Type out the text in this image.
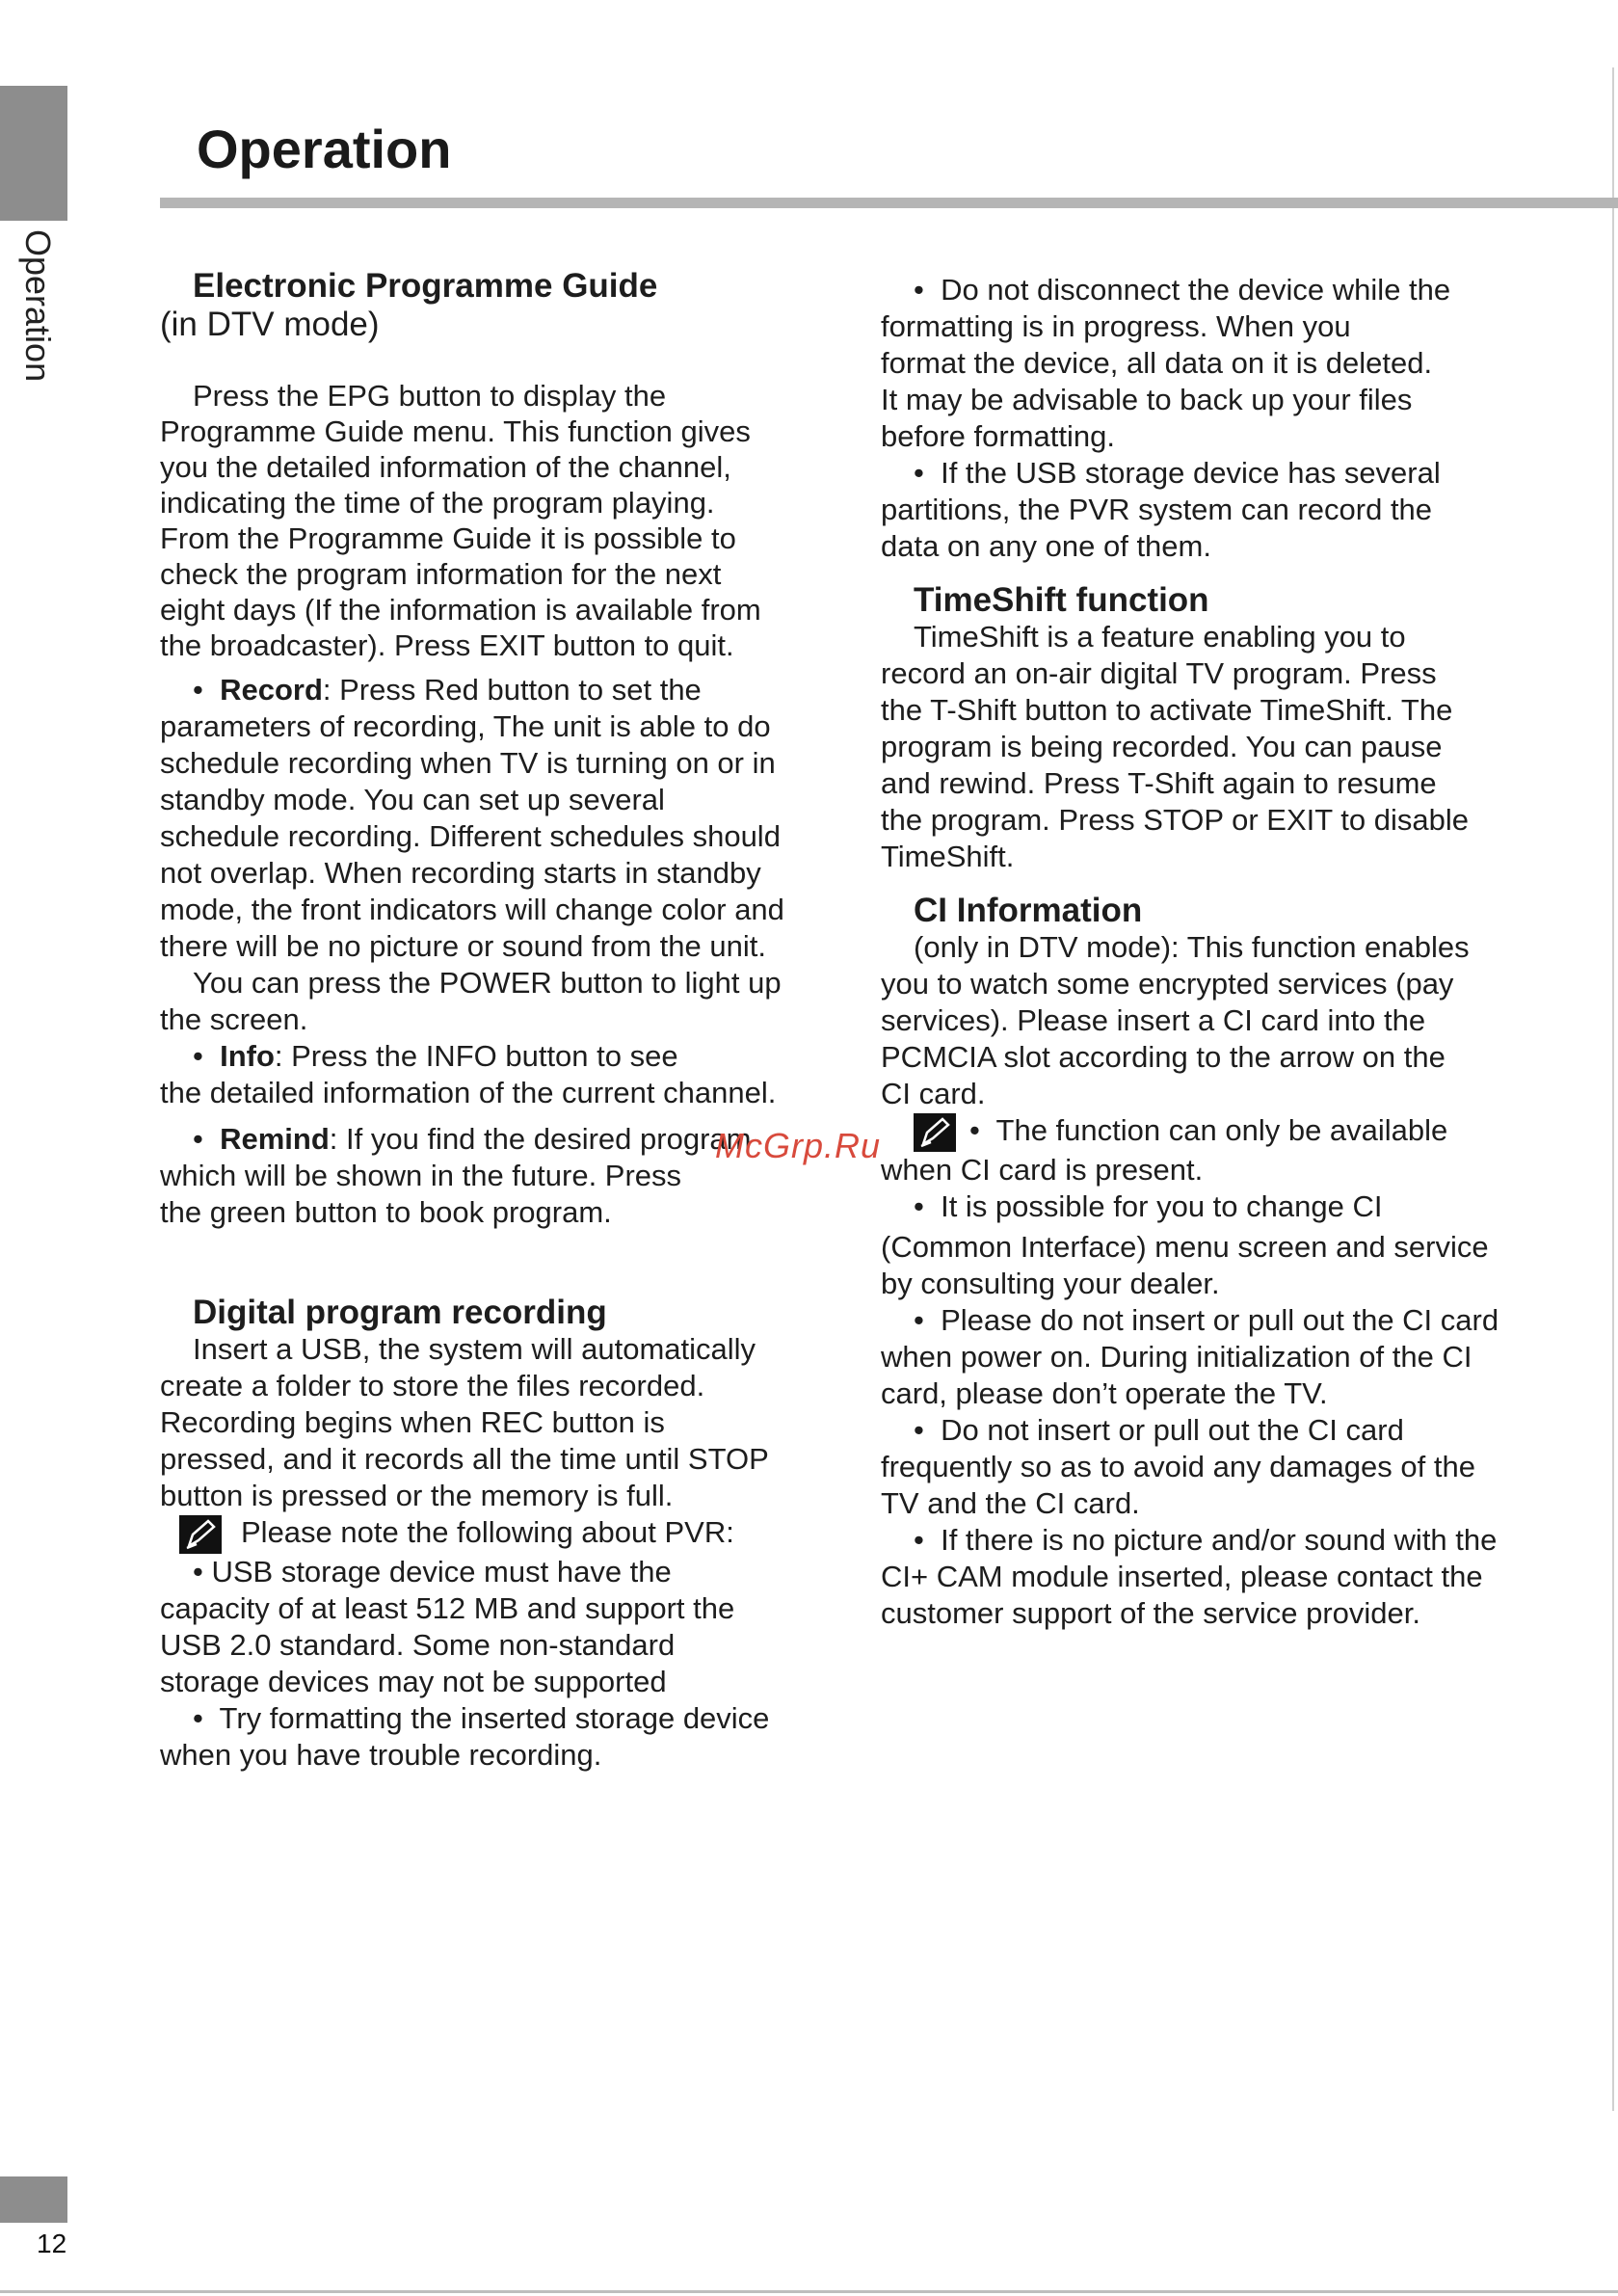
Operation
Operation

Electronic Programme Guide

(in DTV mode)

Press the EPG button to display the

Programme Guide menu. This function gives

you the detailed information of the channel,

indicating the time of the program playing.

From the Programme Guide it is possible to

check the program information for the next

eight days (If the information is available from

the broadcaster). Press EXIT button to quit.

•  Record: Press Red button to set the

parameters of recording, The unit is able to do

schedule recording when TV is turning on or in

standby mode. You can set up several

schedule recording. Different schedules should

not overlap. When recording starts in standby

mode, the front indicators will change color and

there will be no picture or sound from the unit.

You can press the POWER button to light up

the screen.

•  Info: Press the INFO button to see

the detailed information of the current channel.

•  Remind: If you find the desired program

which will be shown in the future. Press

the green button to book program.

Digital program recording

Insert a USB, the system will automatically

create a folder to store the files recorded.

Recording begins when REC button is

pressed, and it records all the time until STOP

button is pressed or the memory is full.

Please note the following about PVR:

• USB storage device must have the

capacity of at least 512 MB and support the

USB 2.0 standard. Some non-standard

storage devices may not be supported

•  Try formatting the inserted storage device

when you have trouble recording.

•  Do not disconnect the device while the

formatting is in progress. When you

format the device, all data on it is deleted.

It may be advisable to back up your files

before formatting.

•  If the USB storage device has several

partitions, the PVR system can record the

data on any one of them.

TimeShift function

TimeShift is a feature enabling you to

record an on-air digital TV program. Press

the T-Shift button to activate TimeShift. The

program is being recorded. You can pause

and rewind. Press T-Shift again to resume

the program. Press STOP or EXIT to disable

TimeShift.

CI Information

(only in DTV mode): This function enables

you to watch some encrypted services (pay

services). Please insert a CI card into the

PCMCIA slot according to the arrow on the

CI card.

•  The function can only be available

when CI card is present.

•  It is possible for you to change CI

(Common Interface) menu screen and service

by consulting your dealer.

•  Please do not insert or pull out the CI card

when power on. During initialization of the CI

card, please don’t operate the TV.

•  Do not insert or pull out the CI card

frequently so as to avoid any damages of the

TV and the CI card.

•  If there is no picture and/or sound with the

CI+ CAM module inserted, please contact the

customer support of the service provider.

McGrp.Ru
12
